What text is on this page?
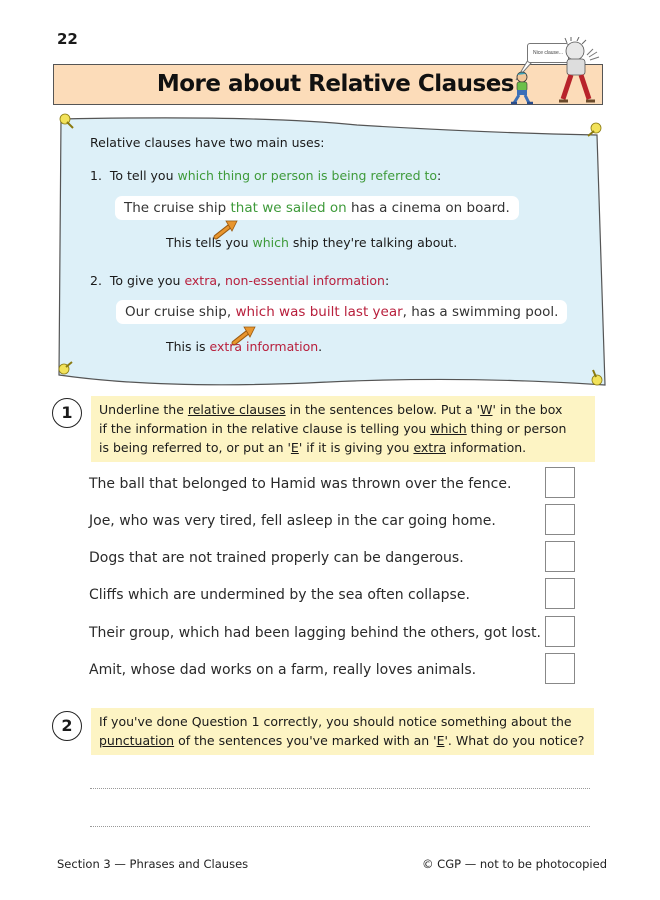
22
More about Relative Clauses
Nice clause...
Relative clauses have two main uses:
1. To tell you which thing or person is being referred to:
The cruise ship that we sailed on has a cinema on board.
This tells you which ship they're talking about.
2. To give you extra, non-essential information:
Our cruise ship, which was built last year, has a swimming pool.
This is extra information.
1	Underline the relative clauses in the sentences below. Put a 'W' in the box
if the information in the relative clause is telling you which thing or person
is being referred to, or put an 'E' if it is giving you extra information.
The ball that belonged to Hamid was thrown over the fence.
Joe, who was very tired, fell asleep in the car going home.
Dogs that are not trained properly can be dangerous.
Cliffs which are undermined by the sea often collapse.
Their group, which had been lagging behind the others, got lost.
Amit, whose dad works on a farm, really loves animals.
2	If you've done Question 1 correctly, you should notice something about the
punctuation of the sentences you've marked with an 'E'. What do you notice?
Section 3 — Phrases and Clauses	© CGP — not to be photocopied
